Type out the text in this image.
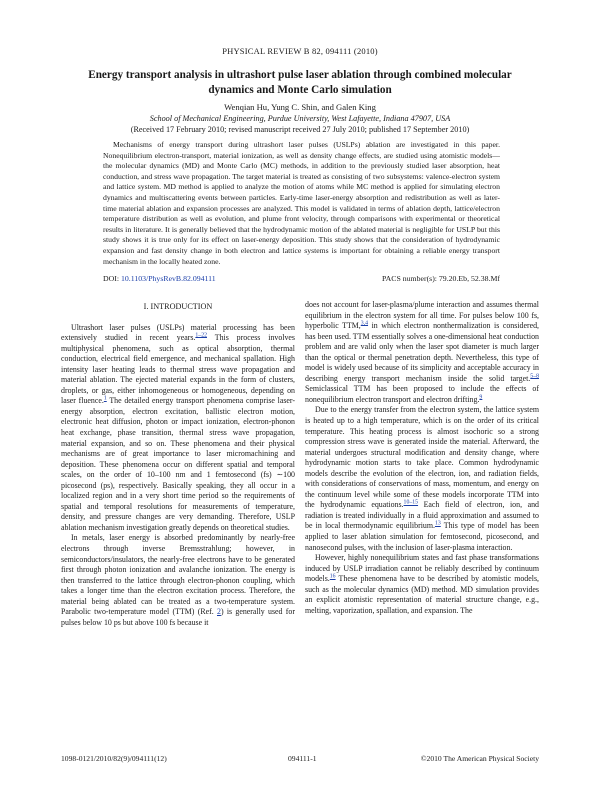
PHYSICAL REVIEW B 82, 094111 (2010)
Energy transport analysis in ultrashort pulse laser ablation through combined molecular dynamics and Monte Carlo simulation
Wenqian Hu, Yung C. Shin, and Galen King
School of Mechanical Engineering, Purdue University, West Lafayette, Indiana 47907, USA
(Received 17 February 2010; revised manuscript received 27 July 2010; published 17 September 2010)

Mechanisms of energy transport during ultrashort laser pulses (USLPs) ablation are investigated in this paper. Nonequilibrium electron-transport, material ionization, as well as density change effects, are studied using atomistic models—the molecular dynamics (MD) and Monte Carlo (MC) methods, in addition to the previously studied laser absorption, heat conduction, and stress wave propagation. The target material is treated as consisting of two subsystems: valence-electron system and lattice system. MD method is applied to analyze the motion of atoms while MC method is applied for simulating electron dynamics and multiscattering events between particles. Early-time laser-energy absorption and redistribution as well as later-time material ablation and expansion processes are analyzed. This model is validated in terms of ablation depth, lattice/electron temperature distribution as well as evolution, and plume front velocity, through comparisons with experimental or theoretical results in literature. It is generally believed that the hydrodynamic motion of the ablated material is negligible for USLP but this study shows it is true only for its effect on laser-energy deposition. This study shows that the consideration of hydrodynamic expansion and fast density change in both electron and lattice systems is important for obtaining a reliable energy transport mechanism in the locally heated zone.

DOI: 10.1103/PhysRevB.82.094111	PACS number(s): 79.20.Eb, 52.38.Mf
I. INTRODUCTION

Ultrashort laser pulses (USLPs) material processing has been extensively studied in recent years.$^{1-22}$ This process involves multiphysical phenomena, such as optical absorption, thermal conduction, electrical field emergence, and mechanical spallation. High intensity laser heating leads to thermal stress wave propagation and material ablation. The ejected material expands in the form of clusters, droplets, or gas, either inhomogeneous or homogeneous, depending on laser fluence.$^1$ The detailed energy transport phenomena comprise laser-energy absorption, electron excitation, ballistic electron motion, electronic heat diffusion, photon or impact ionization, electron-phonon heat exchange, phase transition, thermal stress wave propagation, material expansion, and so on. These phenomena and their physical mechanisms are of great importance to laser micromachining and deposition. These phenomena occur on different spatial and temporal scales, on the order of 10–100 nm and 1 femtosecond (fs) ∼100 picosecond (ps), respectively. Basically speaking, they all occur in a localized region and in a very short time period so the requirements of spatial and temporal resolutions for measurements of temperature, density, and pressure changes are very demanding. Therefore, USLP ablation mechanism investigation greatly depends on theoretical studies.

In metals, laser energy is absorbed predominantly by nearly-free electrons through inverse Bremsstrahlung; however, in semiconductors/insulators, the nearly-free electrons have to be generated first through photon ionization and avalanche ionization. The energy is then transferred to the lattice through electron-phonon coupling, which takes a longer time than the electron excitation process. Therefore, the material being ablated can be treated as a two-temperature system. Parabolic two-temperature model (TTM) (Ref. 2) is generally used for pulses below 10 ps but above 100 fs because it

does not account for laser-plasma/plume interaction and assumes thermal equilibrium in the electron system for all time. For pulses below 100 fs, hyperbolic TTM,$^{3,4}$ in which electron nonthermalization is considered, has been used. TTM essentially solves a one-dimensional heat conduction problem and are valid only when the laser spot diameter is much larger than the optical or thermal penetration depth. Nevertheless, this type of model is widely used because of its simplicity and acceptable accuracy in describing energy transport mechanism inside the solid target.$^{5-8}$ Semiclassical TTM has been proposed to include the effects of nonequilibrium electron transport and electron drifting.$^9$

Due to the energy transfer from the electron system, the lattice system is heated up to a high temperature, which is on the order of its critical temperature. This heating process is almost isochoric so a strong compression stress wave is generated inside the material. Afterward, the material undergoes structural modification and density change, where hydrodynamic motion starts to take place. Common hydrodynamic models describe the evolution of the electron, ion, and radiation fields, with considerations of conservations of mass, momentum, and energy on the continuum level while some of these models incorporate TTM into the hydrodynamic equations.$^{10-15}$ Each field of electron, ion, and radiation is treated individually in a fluid approximation and assumed to be in local thermodynamic equilibrium.$^{13}$ This type of model has been applied to laser ablation simulation for femtosecond, picosecond, and nanosecond pulses, with the inclusion of laser-plasma interaction.

However, highly nonequilibrium states and fast phase transformations induced by USLP irradiation cannot be reliably described by continuum models.$^{16}$ These phenomena have to be described by atomistic models, such as the molecular dynamics (MD) method. MD simulation provides an explicit atomistic representation of material structure change, e.g., melting, vaporization, spallation, and expansion. The

1098-0121/2010/82(9)/094111(12)	094111-1	©2010 The American Physical Society
